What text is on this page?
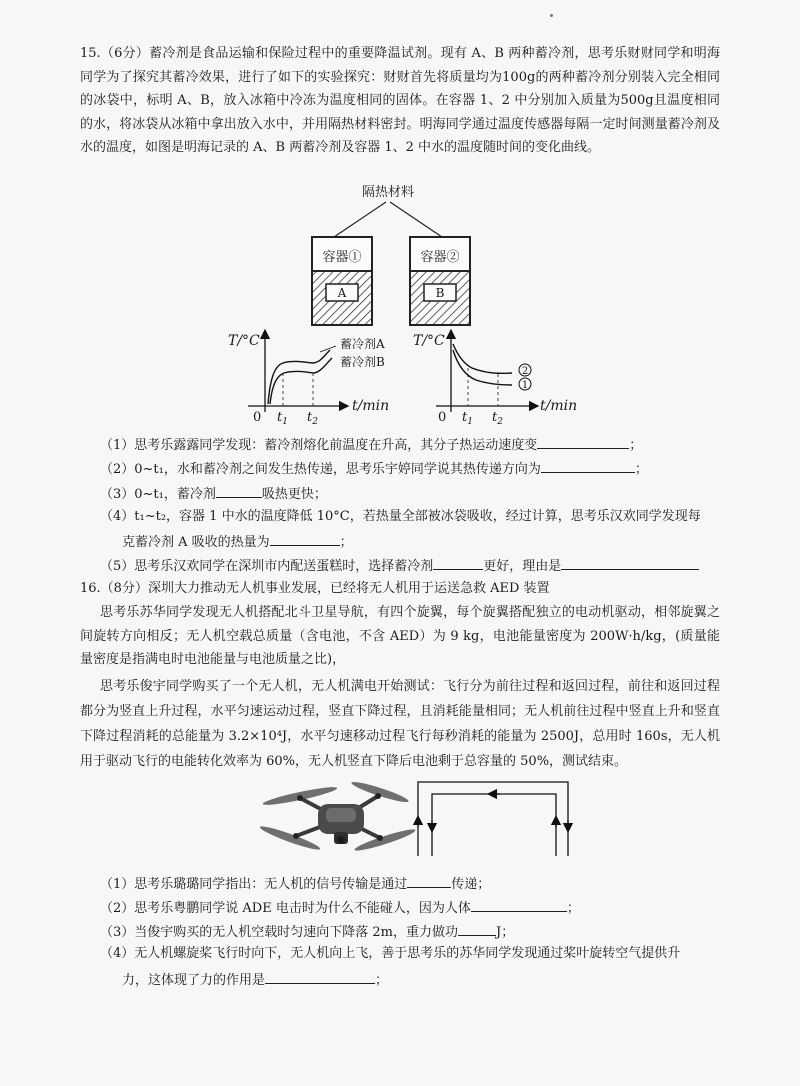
15.（6分）蓄冷剂是食品运输和保险过程中的重要降温试剂。现有 A、B 两种蓄冷剂，思考乐财财同学和明海同学为了探究其蓄冷效果，进行了如下的实验探究：财财首先将质量均为100g的两种蓄冷剂分别装入完全相同的冰袋中，标明 A、B，放入冰箱中冷冻为温度相同的固体。在容器 1、2 中分别加入质量为500g且温度相同的水，将冰袋从冰箱中拿出放入水中，并用隔热材料密封。明海同学通过温度传感器每隔一定时间测量蓄冷剂及水的温度，如图是明海记录的 A、B 两蓄冷剂及容器 1、2 中水的温度随时间的变化曲线。
隔热材料
容器①
A
容器②
B
T/°C
t/min
0 $t_1$ $t_2$
蓄冷剂A
蓄冷剂B
T/°C
t/min
0 $t_1$ $t_2$
2
1
（1）思考乐露露同学发现：蓄冷剂熔化前温度在升高，其分子热运动速度变	；
（2）0~t₁，水和蓄冷剂之间发生热传递，思考乐宇婷同学说其热传递方向为	；
（3）0~t₁，蓄冷剂	吸热更快；
（4）t₁~t₂，容器 1 中水的温度降低 10°C，若热量全部被冰袋吸收，经过计算，思考乐汉欢同学发现每
克蓄冷剂 A 吸收的热量为	；
（5）思考乐汉欢同学在深圳市内配送蛋糕时，选择蓄冷剂	更好，理由是
16.（8分）深圳大力推动无人机事业发展，已经将无人机用于运送急救 AED 装置
思考乐苏华同学发现无人机搭配北斗卫星导航，有四个旋翼，每个旋翼搭配独立的电动机驱动，相邻旋翼之间旋转方向相反；无人机空载总质量（含电池，不含 AED）为 9 kg，电池能量密度为 200W·h/kg，(质量能量密度是指满电时电池能量与电池质量之比)，
思考乐俊宇同学购买了一个无人机，无人机满电开始测试：飞行分为前往过程和返回过程，前往和返回过程都分为竖直上升过程，水平匀速运动过程，竖直下降过程，且消耗能量相同；无人机前往过程中竖直上升和竖直下降过程消耗的总能量为 3.2×10⁴J，水平匀速移动过程飞行每秒消耗的能量为 2500J，总用时 160s，无人机用于驱动飞行的电能转化效率为 60%，无人机竖直下降后电池剩于总容量的 50%，测试结束。
（1）思考乐璐璐同学指出：无人机的信号传输是通过	传递；
（2）思考乐粤鹏同学说 ADE 电击时为什么不能碰人，因为人体	；
（3）当俊宇购买的无人机空载时匀速向下降落 2m，重力做功	J；
（4）无人机螺旋桨飞行时向下，无人机向上飞，善于思考乐的苏华同学发现通过桨叶旋转空气提供升
力，这体现了力的作用是	；
